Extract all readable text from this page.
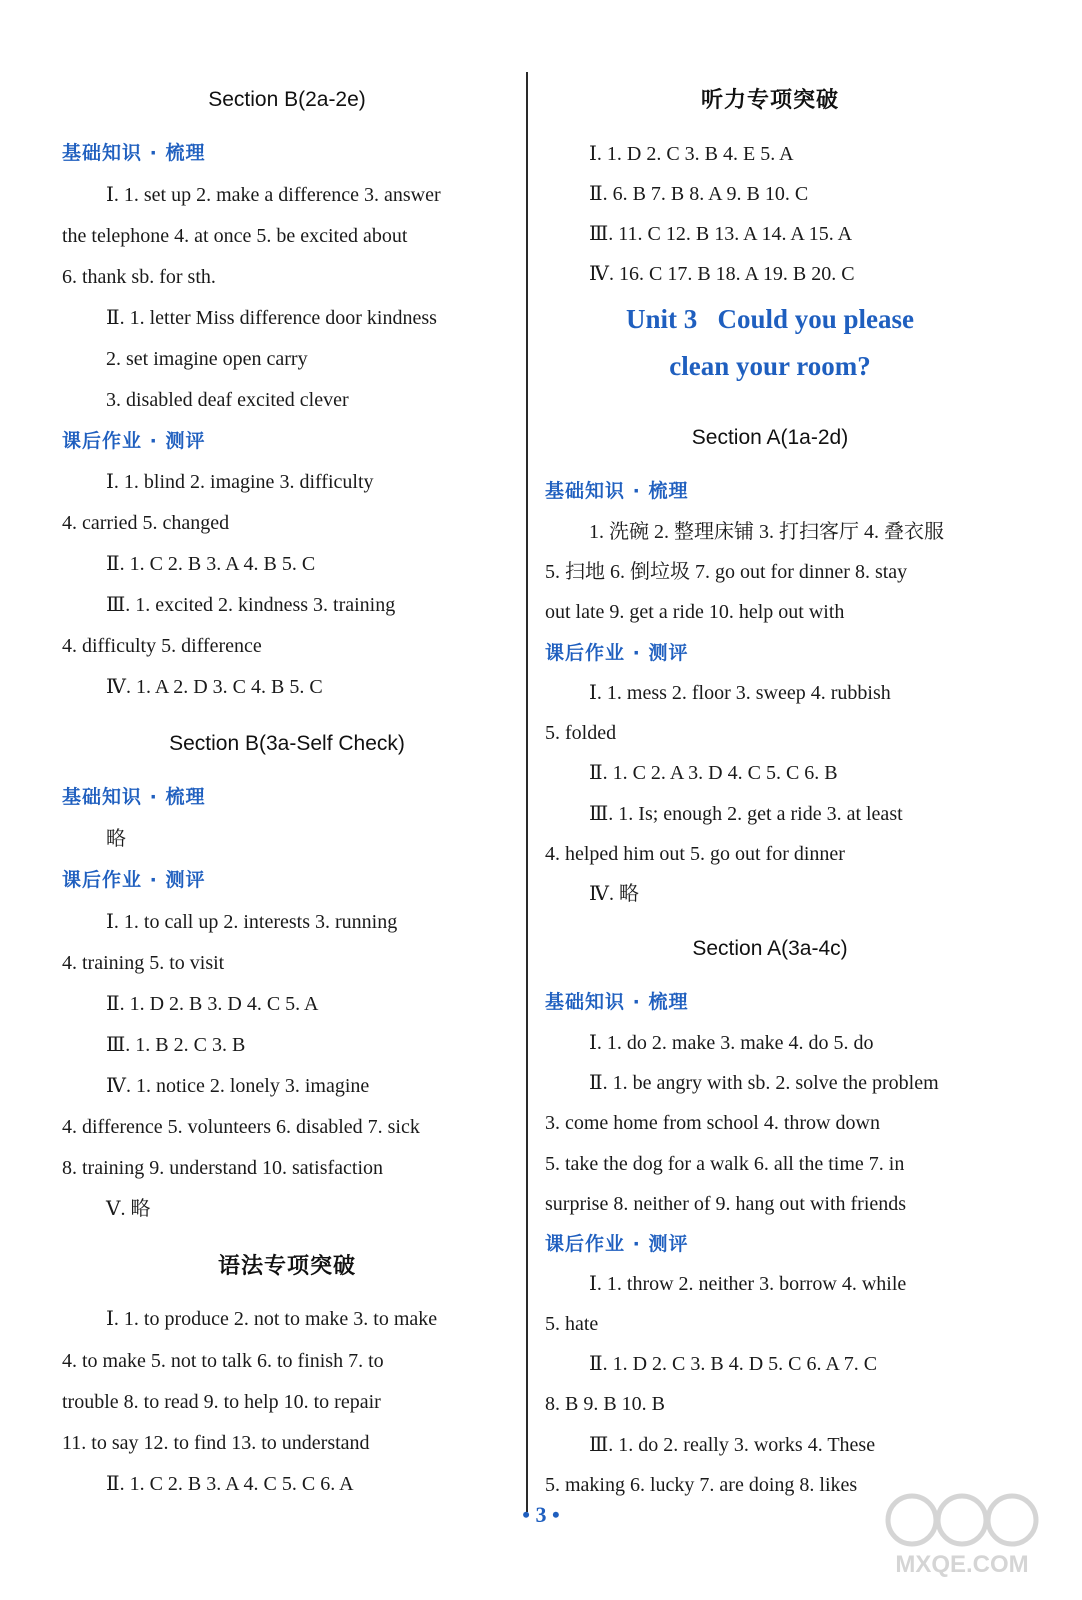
Section B(2a-2e)
基础知识 · 梳理
Ⅰ. 1. set up 2. make a difference 3. answer
the telephone 4. at once 5. be excited about
6. thank sb. for sth.
Ⅱ. 1. letter Miss difference door kindness
2. set imagine open carry
3. disabled deaf excited clever
课后作业 · 测评
Ⅰ. 1. blind 2. imagine 3. difficulty
4. carried 5. changed
Ⅱ. 1. C 2. B 3. A 4. B 5. C
Ⅲ. 1. excited 2. kindness 3. training
4. difficulty 5. difference
Ⅳ. 1. A 2. D 3. C 4. B 5. C
Section B(3a-Self Check)
基础知识 · 梳理
略
课后作业 · 测评
Ⅰ. 1. to call up 2. interests 3. running
4. training 5. to visit
Ⅱ. 1. D 2. B 3. D 4. C 5. A
Ⅲ. 1. B 2. C 3. B
Ⅳ. 1. notice 2. lonely 3. imagine
4. difference 5. volunteers 6. disabled 7. sick
8. training 9. understand 10. satisfaction
Ⅴ. 略
语法专项突破
Ⅰ. 1. to produce 2. not to make 3. to make
4. to make 5. not to talk 6. to finish 7. to
trouble 8. to read 9. to help 10. to repair
11. to say 12. to find 13. to understand
Ⅱ. 1. C 2. B 3. A 4. C 5. C 6. A
听力专项突破
Ⅰ. 1. D 2. C 3. B 4. E 5. A
Ⅱ. 6. B 7. B 8. A 9. B 10. C
Ⅲ. 11. C 12. B 13. A 14. A 15. A
Ⅳ. 16. C 17. B 18. A 19. B 20. C
Unit 3   Could you please
clean your room?
Section A(1a-2d)
基础知识 · 梳理
1. 洗碗 2. 整理床铺 3. 打扫客厅 4. 叠衣服
5. 扫地 6. 倒垃圾 7. go out for dinner 8. stay
out late 9. get a ride 10. help out with
课后作业 · 测评
Ⅰ. 1. mess 2. floor 3. sweep 4. rubbish
5. folded
Ⅱ. 1. C 2. A 3. D 4. C 5. C 6. B
Ⅲ. 1. Is; enough 2. get a ride 3. at least
4. helped him out 5. go out for dinner
Ⅳ. 略
Section A(3a-4c)
基础知识 · 梳理
Ⅰ. 1. do 2. make 3. make 4. do 5. do
Ⅱ. 1. be angry with sb. 2. solve the problem
3. come home from school 4. throw down
5. take the dog for a walk 6. all the time 7. in
surprise 8. neither of 9. hang out with friends
课后作业 · 测评
Ⅰ. 1. throw 2. neither 3. borrow 4. while
5. hate
Ⅱ. 1. D 2. C 3. B 4. D 5. C 6. A 7. C
8. B 9. B 10. B
Ⅲ. 1. do 2. really 3. works 4. These
5. making 6. lucky 7. are doing 8. likes
• 3 •
MXQE.COM
